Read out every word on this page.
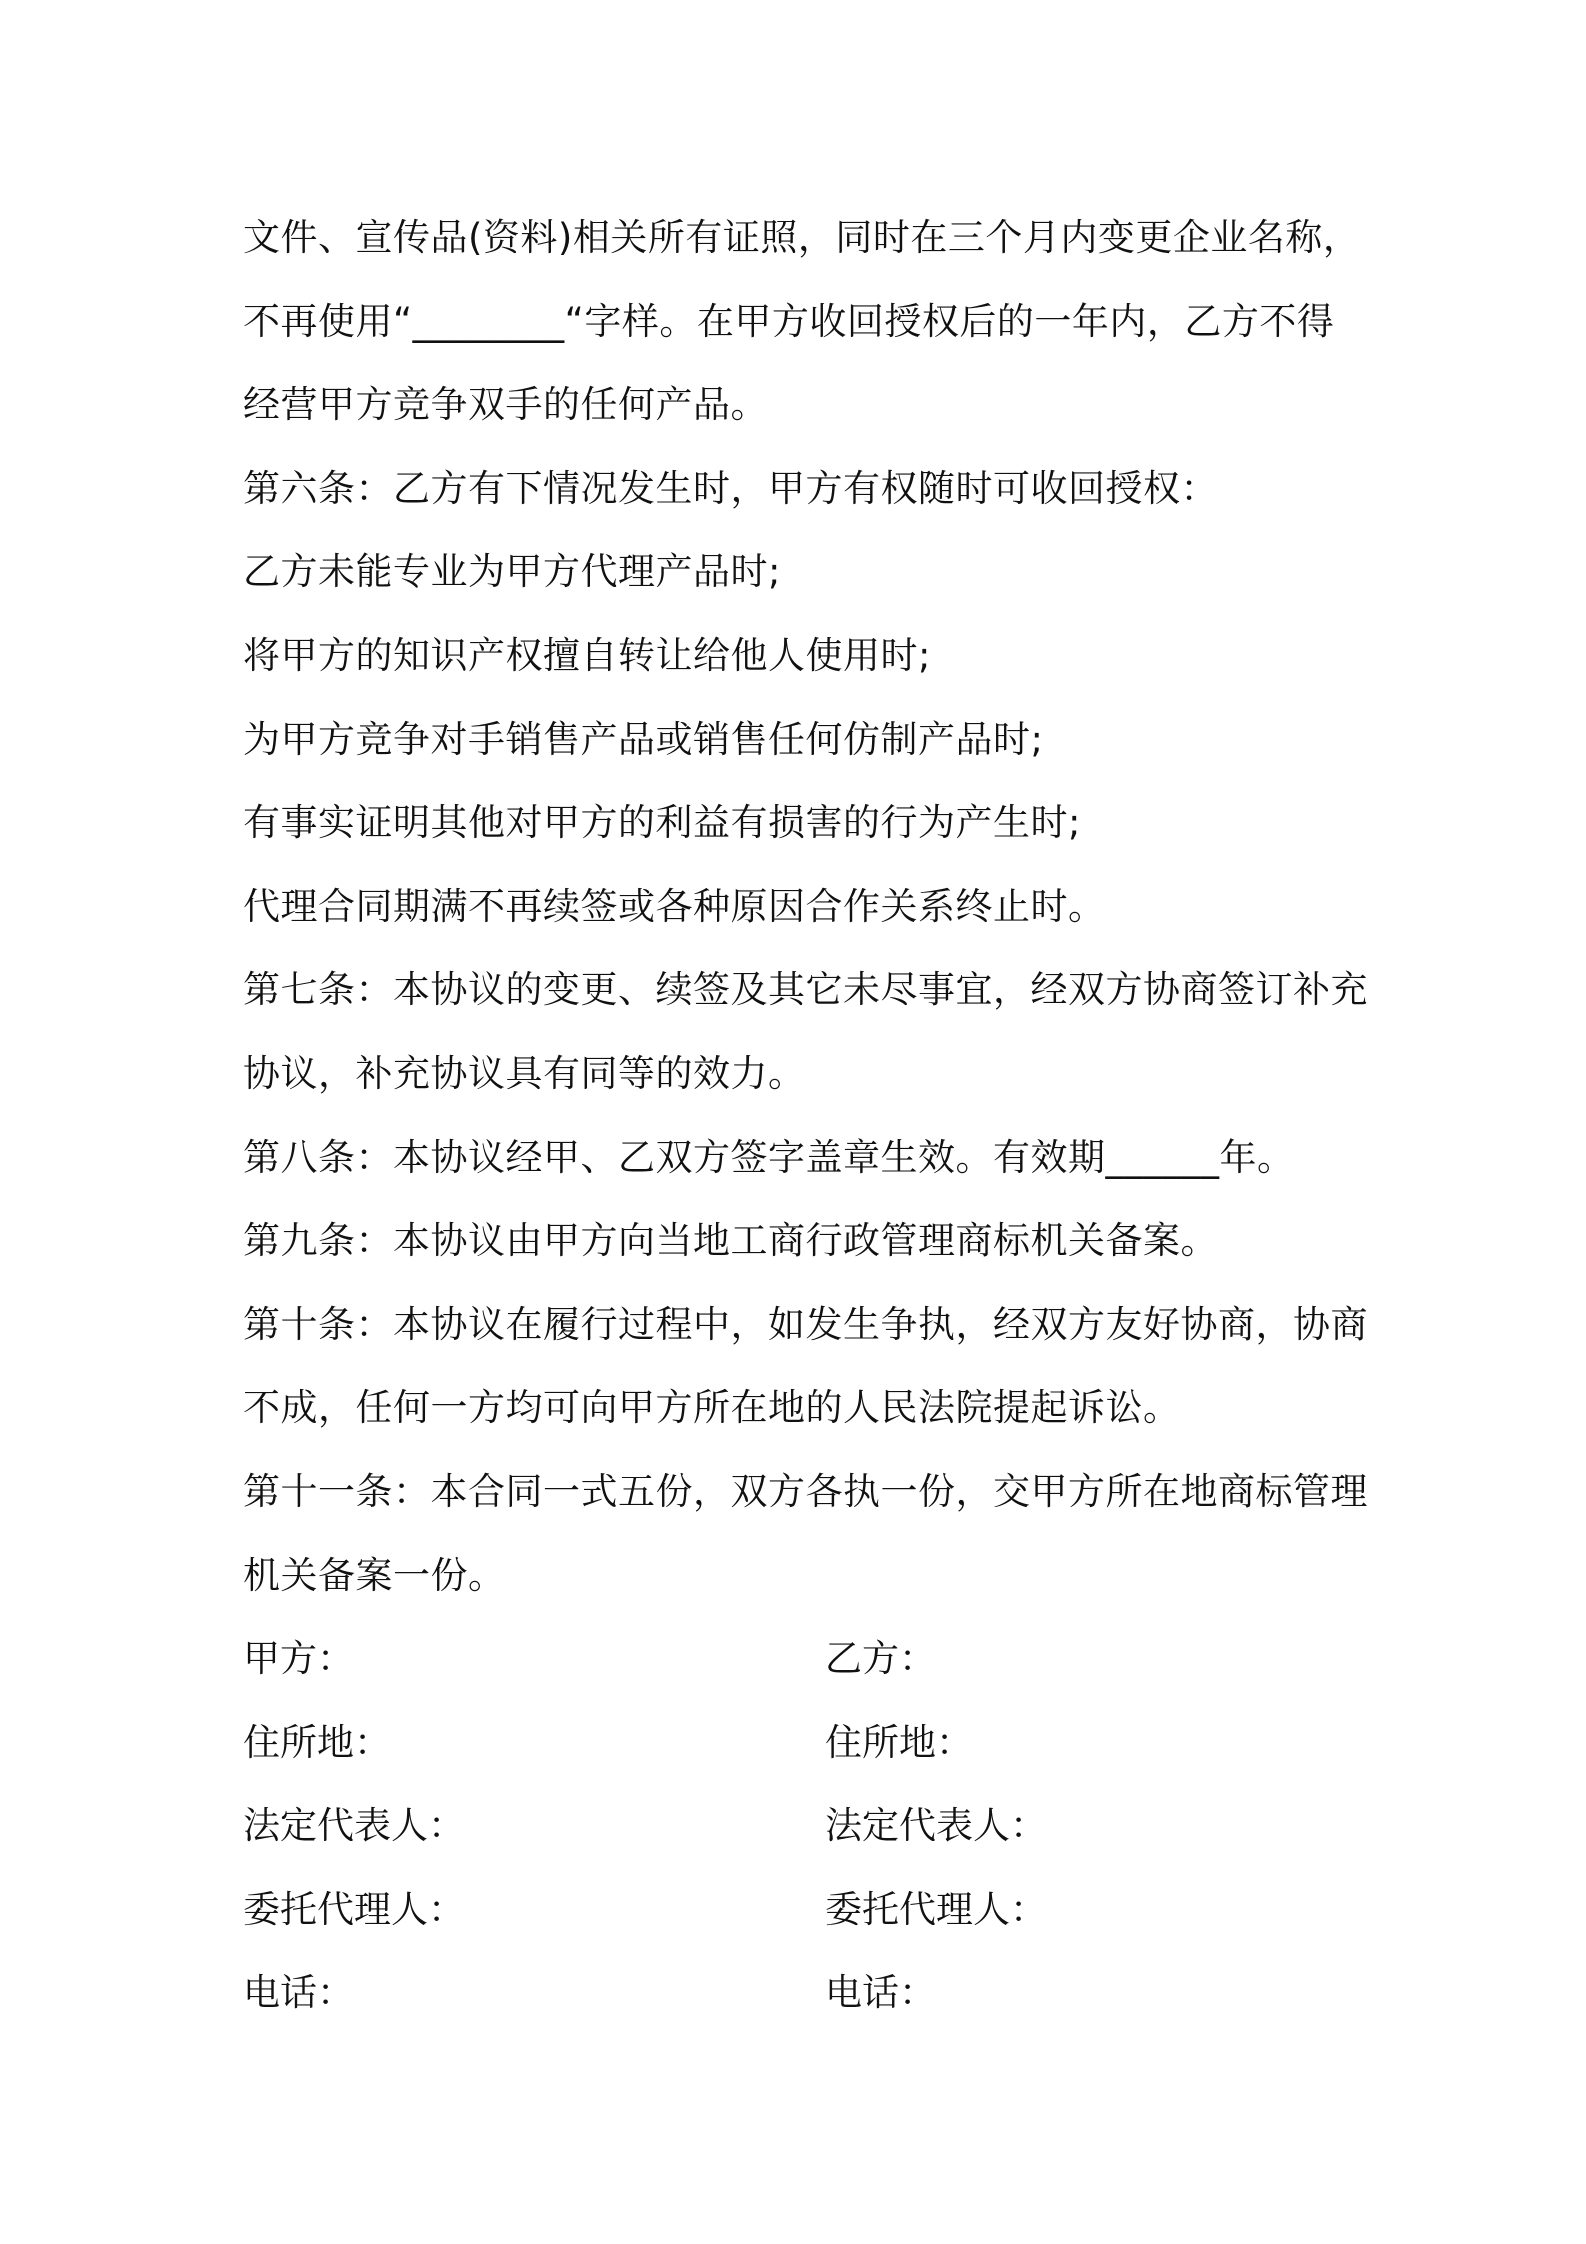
文件、宣传品(资料)相关所有证照，同时在三个月内变更企业名称，
不再使用“________“字样。在甲方收回授权后的一年内，乙方不得
经营甲方竞争双手的任何产品。
第六条：乙方有下情况发生时，甲方有权随时可收回授权：
乙方未能专业为甲方代理产品时;
将甲方的知识产权擅自转让给他人使用时;
为甲方竞争对手销售产品或销售任何仿制产品时;
有事实证明其他对甲方的利益有损害的行为产生时;
代理合同期满不再续签或各种原因合作关系终止时。
第七条：本协议的变更、续签及其它未尽事宜，经双方协商签订补充
协议，补充协议具有同等的效力。
第八条：本协议经甲、乙双方签字盖章生效。有效期______年。
第九条：本协议由甲方向当地工商行政管理商标机关备案。
第十条：本协议在履行过程中，如发生争执，经双方友好协商，协商
不成，任何一方均可向甲方所在地的人民法院提起诉讼。
第十一条：本合同一式五份，双方各执一份，交甲方所在地商标管理
机关备案一份。
甲方：	乙方：
住所地：	住所地：
法定代表人：	法定代表人：
委托代理人：	委托代理人：
电话：	电话：
